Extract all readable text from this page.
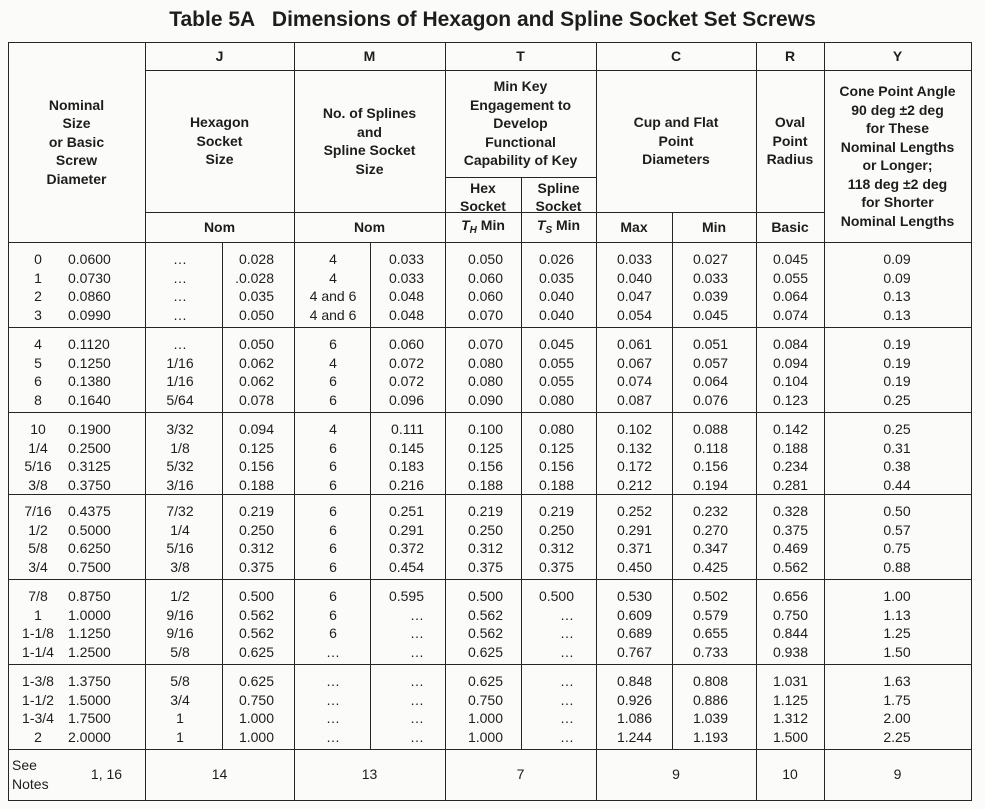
Table 5A   Dimensions of Hexagon and Spline Socket Set Screws
Nominal
Size
or Basic
Screw
Diameter
J	M	T	C	R	Y
Hexagon
Socket
Size
No. of Splines
and
Spline Socket
Size
Min Key
Engagement to
Develop
Functional
Capability of Key
Cup and Flat
Point
Diameters
Oval
Point
Radius
Cone Point Angle
90 deg ±2 deg
for These
Nominal Lengths
or Longer;
118 deg ±2 deg
for Shorter
Nominal Lengths
Hex
Socket
$T_H$ Min
Spline
Socket
$T_S$ Min
Nom	Nom	Max	Min	Basic
0	0.0600	…	0.028	4	0.033	0.050	0.026	0.033	0.027	0.045	0.09
1	0.0730	…	.0.028	4	0.033	0.060	0.035	0.040	0.033	0.055	0.09
2	0.0860	…	0.035	4 and 6	0.048	0.060	0.040	0.047	0.039	0.064	0.13
3	0.0990	…	0.050	4 and 6	0.048	0.070	0.040	0.054	0.045	0.074	0.13
4	0.1120	…	0.050	6	0.060	0.070	0.045	0.061	0.051	0.084	0.19
5	0.1250	1/16	0.062	4	0.072	0.080	0.055	0.067	0.057	0.094	0.19
6	0.1380	1/16	0.062	6	0.072	0.080	0.055	0.074	0.064	0.104	0.19
8	0.1640	5/64	0.078	6	0.096	0.090	0.080	0.087	0.076	0.123	0.25
10	0.1900	3/32	0.094	4	0.111	0.100	0.080	0.102	0.088	0.142	0.25
1/4	0.2500	1/8	0.125	6	0.145	0.125	0.125	0.132	0.118	0.188	0.31
5/16	0.3125	5/32	0.156	6	0.183	0.156	0.156	0.172	0.156	0.234	0.38
3/8	0.3750	3/16	0.188	6	0.216	0.188	0.188	0.212	0.194	0.281	0.44
7/16	0.4375	7/32	0.219	6	0.251	0.219	0.219	0.252	0.232	0.328	0.50
1/2	0.5000	1/4	0.250	6	0.291	0.250	0.250	0.291	0.270	0.375	0.57
5/8	0.6250	5/16	0.312	6	0.372	0.312	0.312	0.371	0.347	0.469	0.75
3/4	0.7500	3/8	0.375	6	0.454	0.375	0.375	0.450	0.425	0.562	0.88
7/8	0.8750	1/2	0.500	6	0.595	0.500	0.500	0.530	0.502	0.656	1.00
1	1.0000	9/16	0.562	6	…	0.562	…	0.609	0.579	0.750	1.13
1-1/8	1.1250	9/16	0.562	6	…	0.562	…	0.689	0.655	0.844	1.25
1-1/4	1.2500	5/8	0.625	…	…	0.625	…	0.767	0.733	0.938	1.50
1-3/8	1.3750	5/8	0.625	…	…	0.625	…	0.848	0.808	1.031	1.63
1-1/2	1.5000	3/4	0.750	…	…	0.750	…	0.926	0.886	1.125	1.75
1-3/4	1.7500	1	1.000	…	…	1.000	…	1.086	1.039	1.312	2.00
2	2.0000	1	1.000	…	…	1.000	…	1.244	1.193	1.500	2.25
See
Notes
1, 16	14	13	7	9	10	9
